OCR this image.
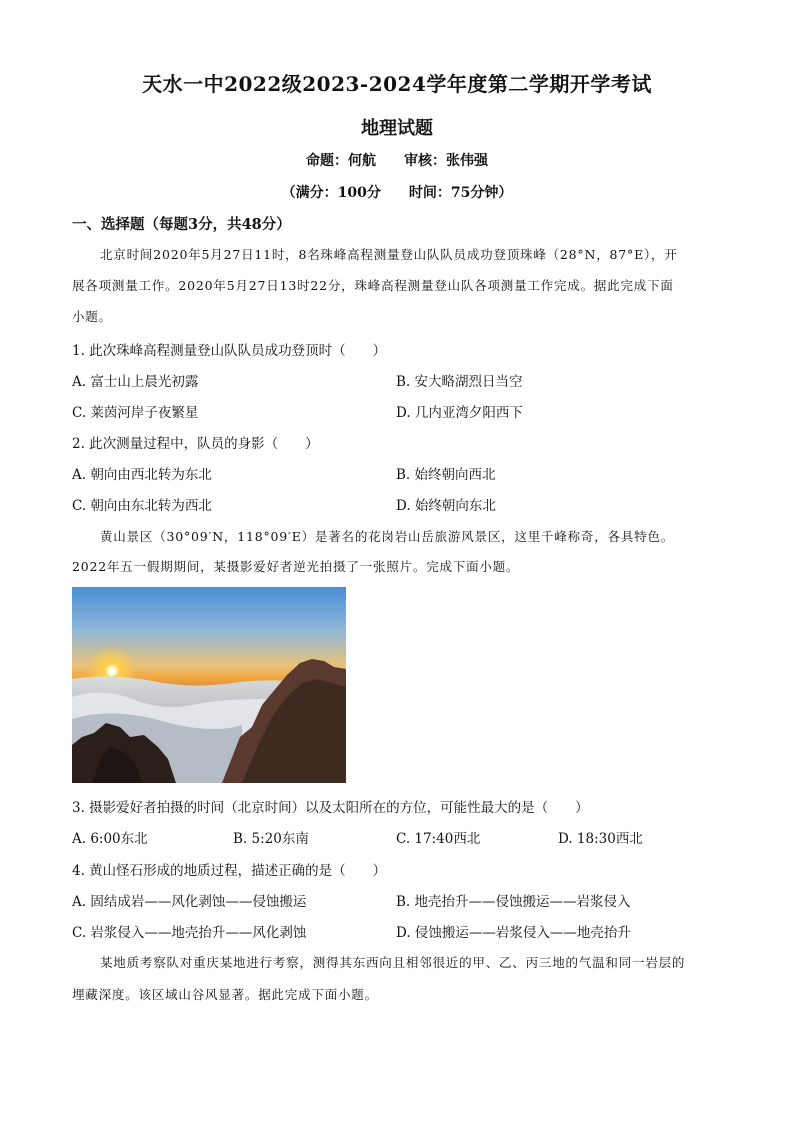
天水一中2022级2023-2024学年度第二学期开学考试
地理试题
命题：何航　　审核：张伟强
（满分：100分　　时间：75分钟）
一、选择题（每题3分，共48分）
北京时间2020年5月27日11时，8名珠峰高程测量登山队队员成功登顶珠峰（28°N，87°E），开
展各项测量工作。2020年5月27日13时22分，珠峰高程测量登山队各项测量工作完成。据此完成下面
小题。
1. 此次珠峰高程测量登山队队员成功登顶时（　　）
A. 富士山上晨光初露	B. 安大略湖烈日当空
C. 莱茵河岸子夜繁星	D. 几内亚湾夕阳西下
2. 此次测量过程中，队员的身影（　　）
A. 朝向由西北转为东北	B. 始终朝向西北
C. 朝向由东北转为西北	D. 始终朝向东北
黄山景区（30°09′N，118°09′E）是著名的花岗岩山岳旅游风景区，这里千峰称奇，各具特色。
2022年五一假期期间，某摄影爱好者逆光拍摄了一张照片。完成下面小题。
3. 摄影爱好者拍摄的时间（北京时间）以及太阳所在的方位，可能性最大的是（　　）
A. 6:00东北	B. 5:20东南	C. 17:40西北	D. 18:30西北
4. 黄山怪石形成的地质过程，描述正确的是（　　）
A. 固结成岩——风化剥蚀——侵蚀搬运	B. 地壳抬升——侵蚀搬运——岩浆侵入
C. 岩浆侵入——地壳抬升——风化剥蚀	D. 侵蚀搬运——岩浆侵入——地壳抬升
某地质考察队对重庆某地进行考察，测得其东西向且相邻很近的甲、乙、丙三地的气温和同一岩层的
埋藏深度。该区域山谷风显著。据此完成下面小题。
